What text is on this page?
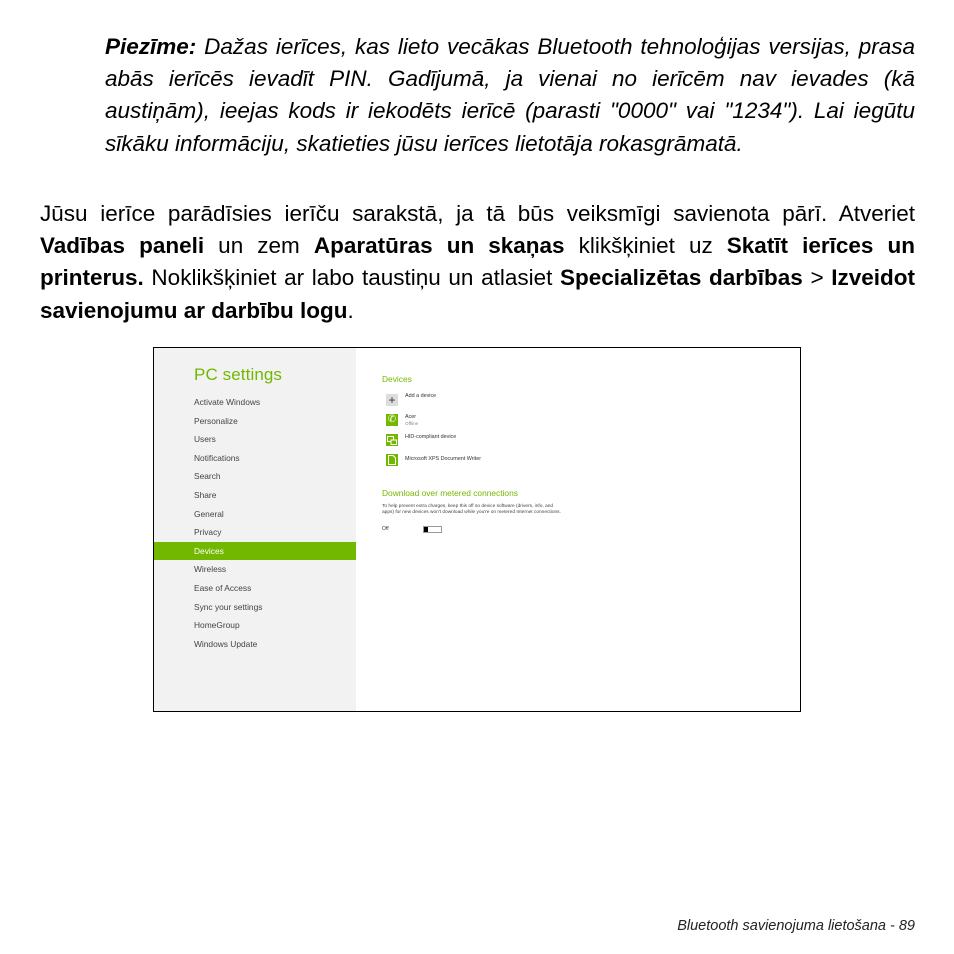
Piezīme: Dažas ierīces, kas lieto vecākas Bluetooth tehnoloģijas versijas, prasa abās ierīcēs ievadīt PIN. Gadījumā, ja vienai no ierīcēm nav ievades (kā austiņām), ieejas kods ir iekodēts ierīcē (parasti "0000" vai "1234"). Lai iegūtu sīkāku informāciju, skatieties jūsu ierīces lietotāja rokasgrāmatā.
Jūsu ierīce parādīsies ierīču sarakstā, ja tā būs veiksmīgi savienota pārī. Atveriet Vadības paneli un zem Aparatūras un skaņas klikšķiniet uz Skatīt ierīces un printerus. Noklikšķiniet ar labo taustiņu un atlasiet Specializētas darbības > Izveidot savienojumu ar darbību logu.
PC settings
Activate Windows
Personalize
Users
Notifications
Search
Share
General
Privacy
Devices
Wireless
Ease of Access
Sync your settings
HomeGroup
Windows Update
Devices
+	Add a device
✆	Acer
Offline
HID-compliant device
Microsoft XPS Document Writer
Download over metered connections
To help prevent extra charges, keep this off so device software (drivers, info, and apps) for new devices won't download while you're on metered Internet connections.
Off
Bluetooth savienojuma lietošana - 89
